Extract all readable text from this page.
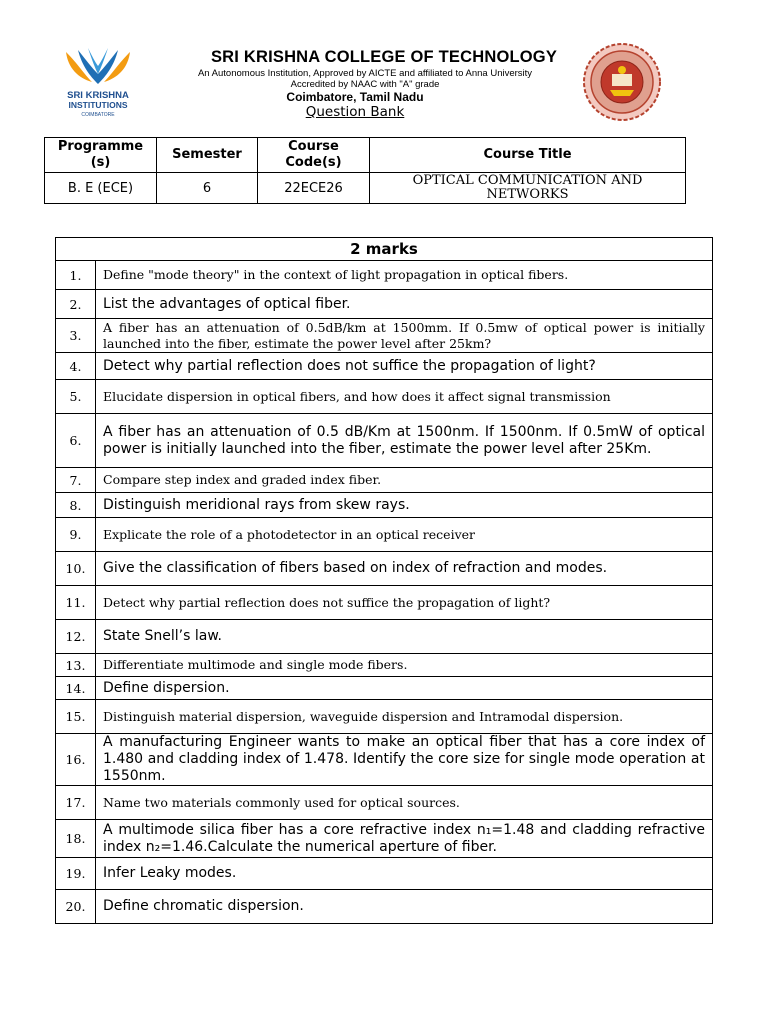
SRI KRISHNA
INSTITUTIONS
COIMBATORE
SRI KRISHNA COLLEGE OF TECHNOLOGY
An Autonomous Institution, Approved by AICTE and affiliated to Anna University
Accredited by NAAC with "A" grade
Coimbatore, Tamil Nadu
Question Bank
Programme (s)	Semester	Course Code(s)	Course Title
B. E (ECE)	6	22ECE26	OPTICAL COMMUNICATION AND NETWORKS
2 marks	
1.	Define "mode theory" in the context of light propagation in optical fibers.
2.	List the advantages of optical fiber.
3.	A fiber has an attenuation of 0.5dB/km at 1500mm. If 0.5mw of optical power is initially launched into the fiber, estimate the power level after 25km?
4.	Detect why partial reflection does not suffice the propagation of light?
5.	Elucidate dispersion in optical fibers, and how does it affect signal transmission
6.	A fiber has an attenuation of 0.5 dB/Km at 1500nm. If 1500nm. If 0.5mW of optical power is initially launched into the fiber, estimate the power level after 25Km.
7.	Compare step index and graded index fiber.
8.	Distinguish meridional rays from skew rays.
9.	Explicate the role of a photodetector in an optical receiver
10.	Give the classification of fibers based on index of refraction and modes.
11.	Detect why partial reflection does not suffice the propagation of light?
12.	State Snell’s law.
13.	Differentiate multimode and single mode fibers.
14.	Define dispersion.
15.	Distinguish material dispersion, waveguide dispersion and Intramodal dispersion.
16.	A manufacturing Engineer wants to make an optical fiber that has a core index of 1.480 and cladding index of 1.478. Identify the core size for single mode operation at 1550nm.
17.	Name two materials commonly used for optical sources.
18.	A multimode silica fiber has a core refractive index n₁=1.48 and cladding refractive index n₂=1.46.Calculate the numerical aperture of fiber.
19.	Infer Leaky modes.
20.	Define chromatic dispersion.
